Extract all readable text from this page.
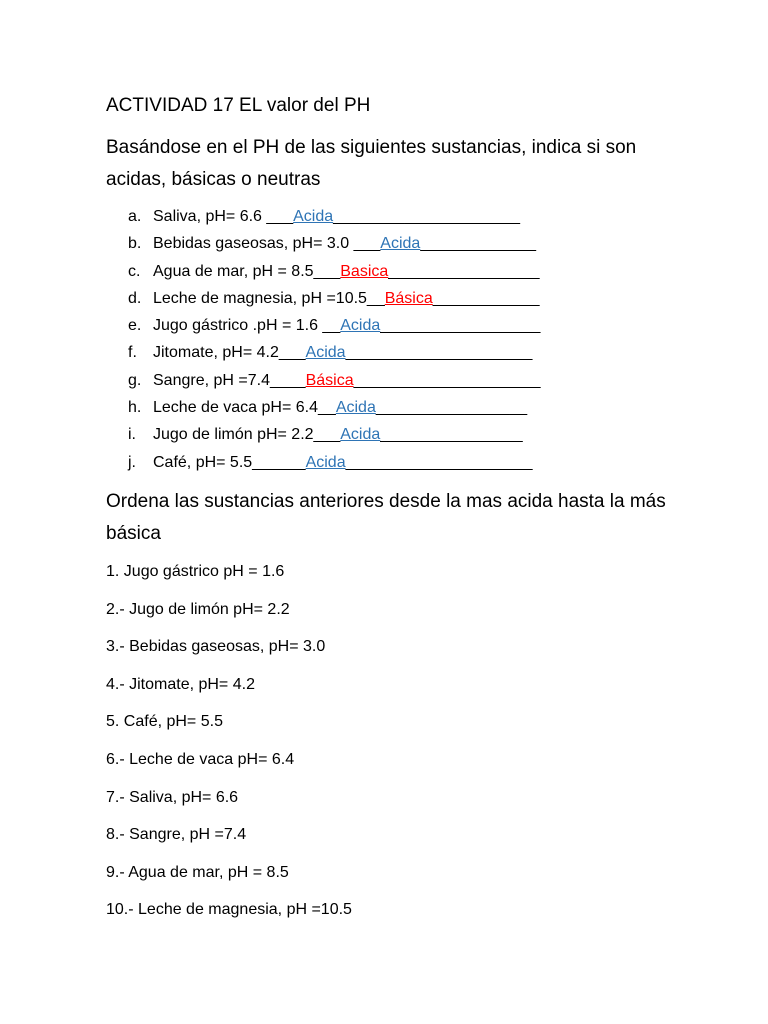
ACTIVIDAD 17 EL valor del PH
Basándose en el PH de las siguientes sustancias, indica si son acidas, básicas o neutras
a. Saliva, pH= 6.6 ___ Acida _____________________
b. Bebidas gaseosas, pH= 3.0 ___ Acida _____________
c. Agua de mar, pH = 8.5___ Basica _________________
d. Leche de magnesia, pH =10.5__ Básica ____________
e. Jugo gástrico .pH = 1.6 __ Acida __________________
f.	Jitomate, pH= 4.2___ Acida _____________________
g. Sangre, pH =7.4____ Básica _____________________
h. Leche de vaca pH= 6.4__ Acida _________________
i.	Jugo de limón pH= 2.2___ Acida ________________
j.	Café, pH= 5.5______ Acida _____________________
Ordena las sustancias anteriores desde la mas acida hasta la más básica
1. Jugo gástrico pH = 1.6
2.- Jugo de limón pH= 2.2
3.- Bebidas gaseosas, pH= 3.0
4.- Jitomate, pH= 4.2
5. Café, pH= 5.5
6.- Leche de vaca pH= 6.4
7.- Saliva, pH= 6.6
8.- Sangre, pH =7.4
9.- Agua de mar, pH = 8.5
10.- Leche de magnesia, pH =10.5
